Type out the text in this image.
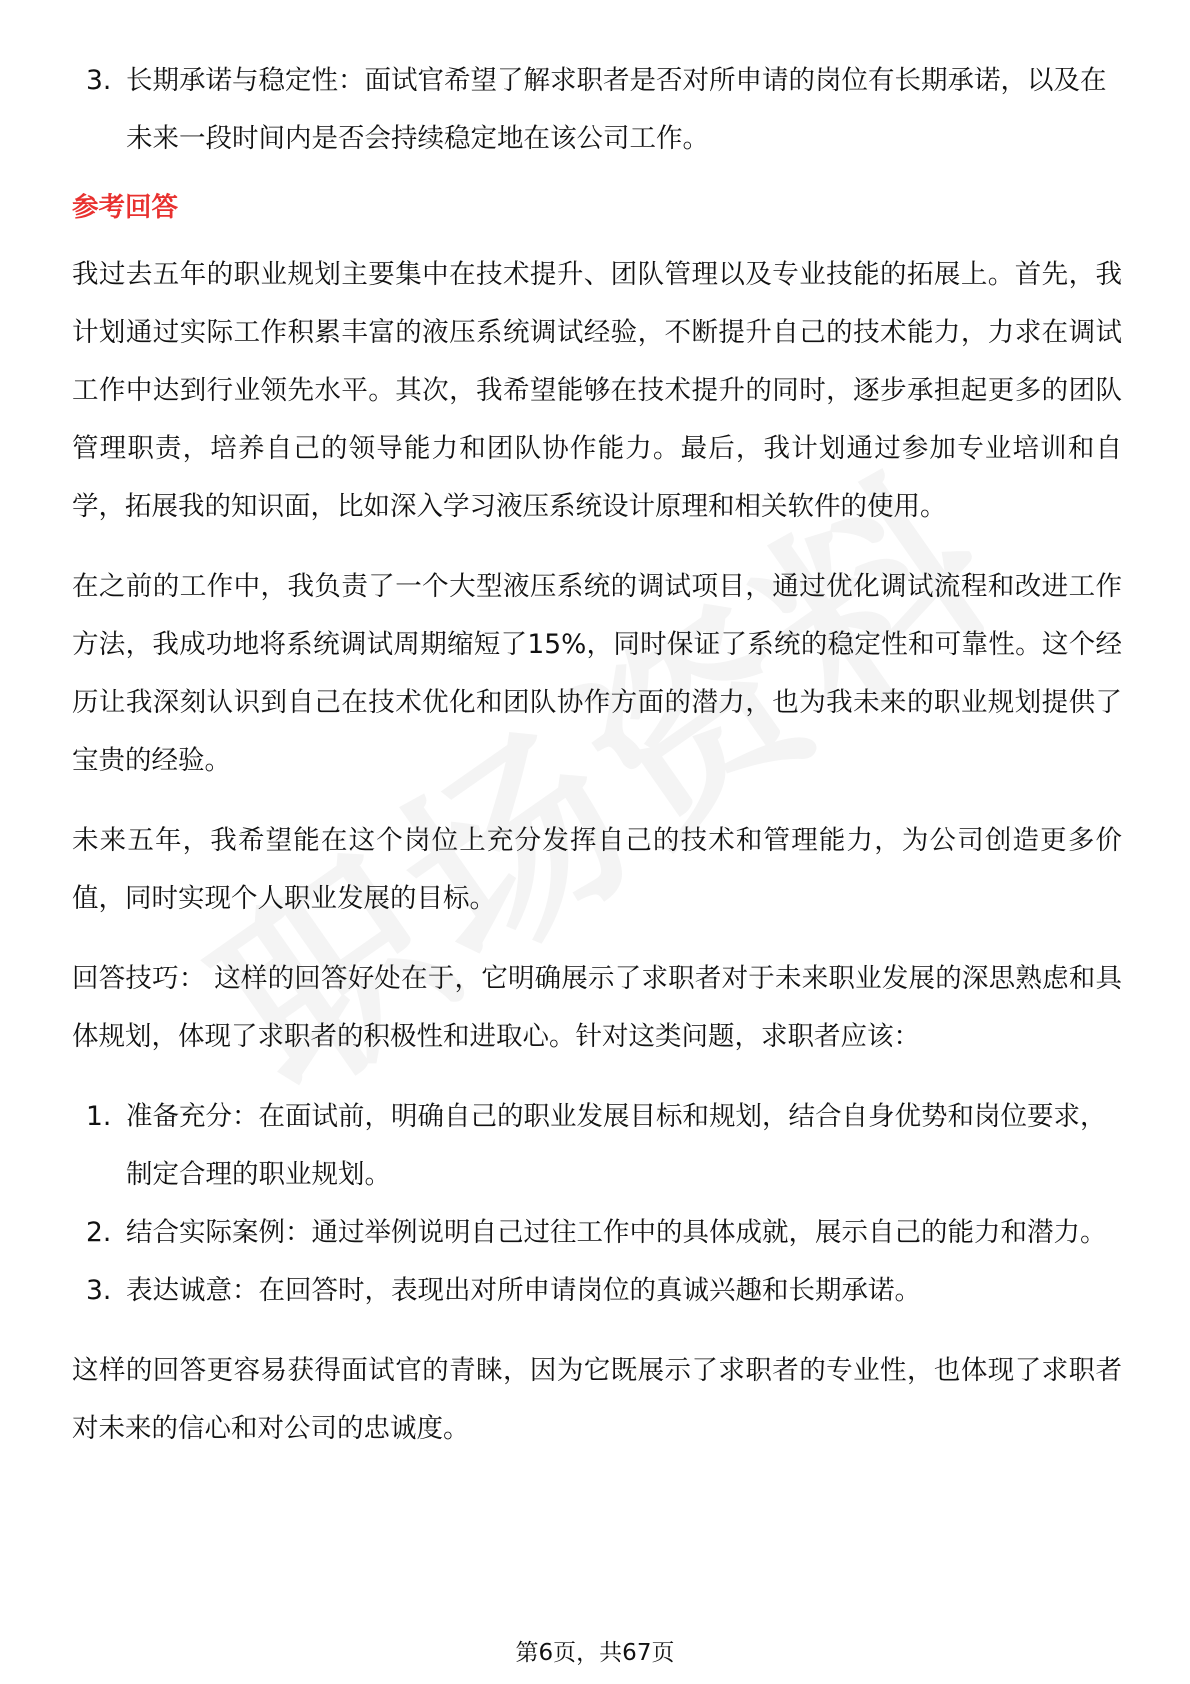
3. 长期承诺与稳定性：面试官希望了解求职者是否对所申请的岗位有长期承诺，以及在未来一段时间内是否会持续稳定地在该公司工作。
参考回答

我过去五年的职业规划主要集中在技术提升、团队管理以及专业技能的拓展上。首先，我计划通过实际工作积累丰富的液压系统调试经验，不断提升自己的技术能力，力求在调试工作中达到行业领先水平。其次，我希望能够在技术提升的同时，逐步承担起更多的团队管理职责，培养自己的领导能力和团队协作能力。最后，我计划通过参加专业培训和自学，拓展我的知识面，比如深入学习液压系统设计原理和相关软件的使用。

在之前的工作中，我负责了一个大型液压系统的调试项目，通过优化调试流程和改进工作方法，我成功地将系统调试周期缩短了15%，同时保证了系统的稳定性和可靠性。这个经历让我深刻认识到自己在技术优化和团队协作方面的潜力，也为我未来的职业规划提供了宝贵的经验。

未来五年，我希望能在这个岗位上充分发挥自己的技术和管理能力，为公司创造更多价值，同时实现个人职业发展的目标。

回答技巧： 这样的回答好处在于，它明确展示了求职者对于未来职业发展的深思熟虑和具体规划，体现了求职者的积极性和进取心。针对这类问题，求职者应该：

1. 准备充分：在面试前，明确自己的职业发展目标和规划，结合自身优势和岗位要求，制定合理的职业规划。
2. 结合实际案例：通过举例说明自己过往工作中的具体成就，展示自己的能力和潜力。
3. 表达诚意：在回答时，表现出对所申请岗位的真诚兴趣和长期承诺。

这样的回答更容易获得面试官的青睐，因为它既展示了求职者的专业性，也体现了求职者对未来的信心和对公司的忠诚度。

第6页，共67页
